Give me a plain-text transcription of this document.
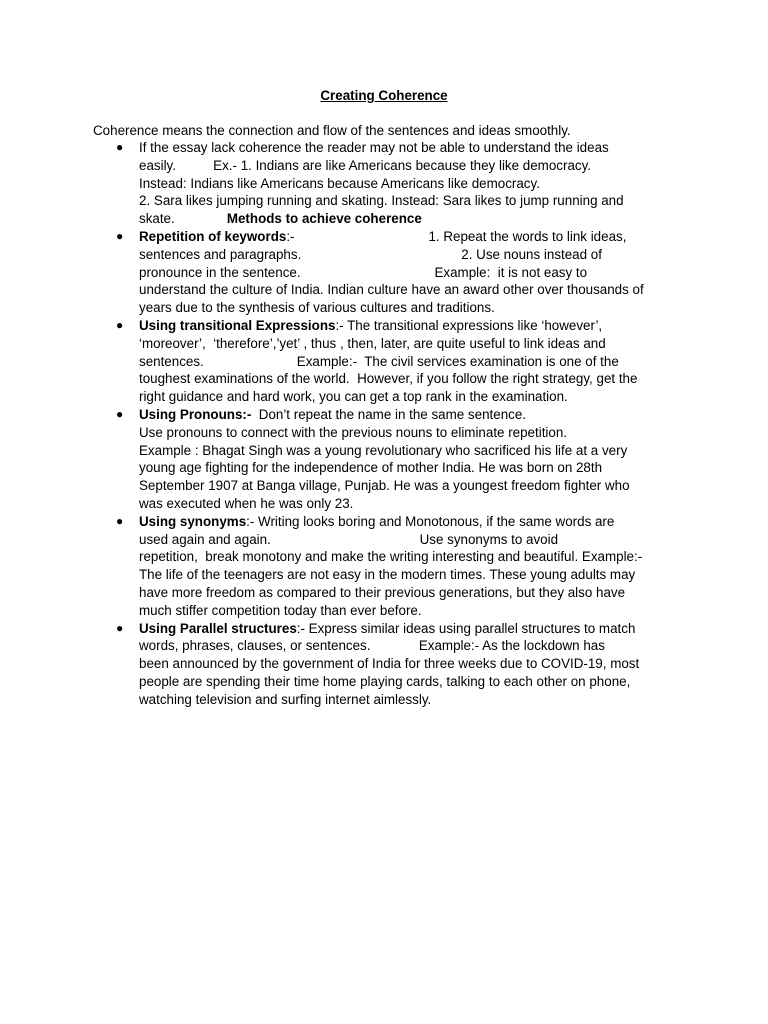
Creating Coherence
Coherence means the connection and flow of the sentences and ideas smoothly.
● If the essay lack coherence the reader may not be able to understand the ideas
easily.          Ex.- 1. Indians are like Americans because they like democracy.
Instead: Indians like Americans because Americans like democracy.
2. Sara likes jumping running and skating. Instead: Sara likes to jump running and
skate.	Methods to achieve coherence
● Repetition of keywords:-                                    1. Repeat the words to link ideas,
sentences and paragraphs.                                           2. Use nouns instead of
pronounce in the sentence.                                    Example:  it is not easy to
understand the culture of India. Indian culture have an award other over thousands of
years due to the synthesis of various cultures and traditions.
● Using transitional Expressions:- The transitional expressions like ‘however’,
‘moreover’,  ‘therefore’,’yet’ , thus , then, later, are quite useful to link ideas and
sentences.                         Example:-  The civil services examination is one of the
toughest examinations of the world.  However, if you follow the right strategy, get the
right guidance and hard work, you can get a top rank in the examination.
● Using Pronouns:-  Don’t repeat the name in the same sentence.
Use pronouns to connect with the previous nouns to eliminate repetition.
Example : Bhagat Singh was a young revolutionary who sacrificed his life at a very
young age fighting for the independence of mother India. He was born on 28th
September 1907 at Banga village, Punjab. He was a youngest freedom fighter who
was executed when he was only 23.
● Using synonyms:- Writing looks boring and Monotonous, if the same words are
used again and again.                                        Use synonyms to avoid
repetition,  break monotony and make the writing interesting and beautiful. Example:-
The life of the teenagers are not easy in the modern times. These young adults may
have more freedom as compared to their previous generations, but they also have
much stiffer competition today than ever before.
● Using Parallel structures:- Express similar ideas using parallel structures to match
words, phrases, clauses, or sentences.             Example:- As the lockdown has
been announced by the government of India for three weeks due to COVID-19, most
people are spending their time home playing cards, talking to each other on phone,
watching television and surfing internet aimlessly.
